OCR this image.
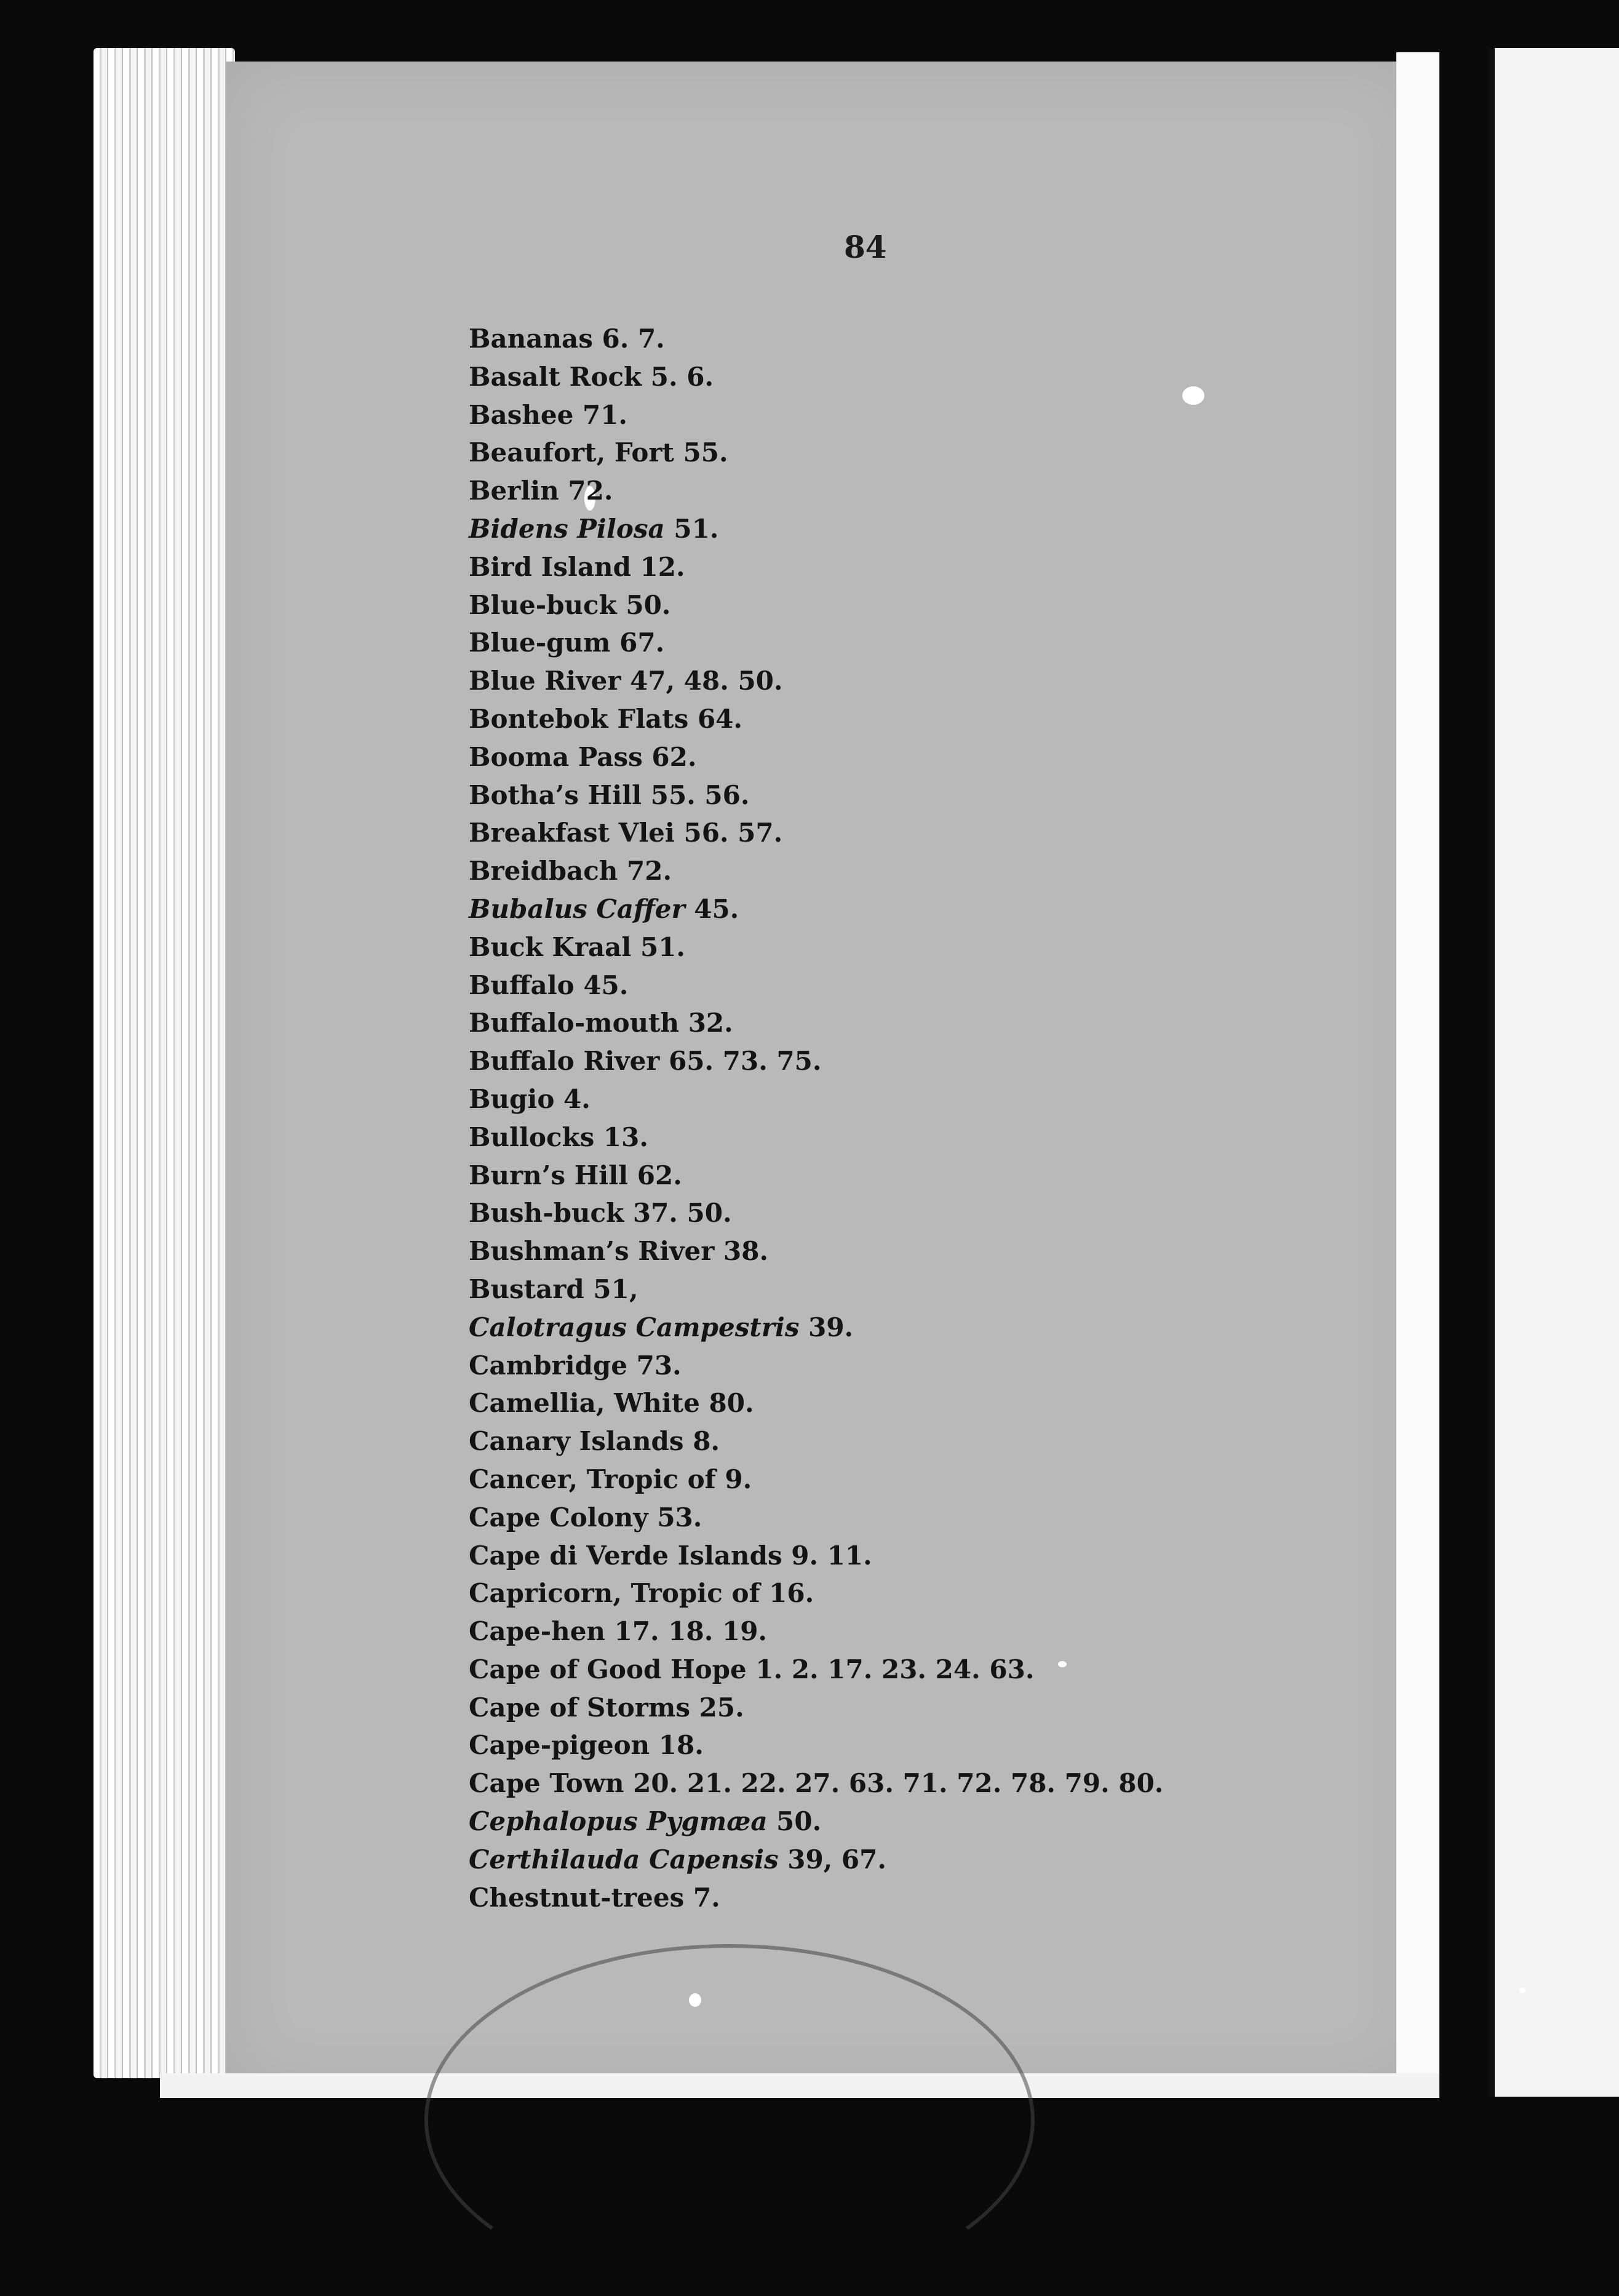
84
Bananas 6. 7.
Basalt Rock 5. 6.
Bashee 71.
Beaufort, Fort 55.
Berlin 72.
Bidens Pilosa 51.
Bird Island 12.
Blue-buck 50.
Blue-gum 67.
Blue River 47, 48. 50.
Bontebok Flats 64.
Booma Pass 62.
Botha’s Hill 55. 56.
Breakfast Vlei 56. 57.
Breidbach 72.
Bubalus Caffer 45.
Buck Kraal 51.
Buffalo 45.
Buffalo-mouth 32.
Buffalo River 65. 73. 75.
Bugio 4.
Bullocks 13.
Burn’s Hill 62.
Bush-buck 37. 50.
Bushman’s River 38.
Bustard 51,
Calotragus Campestris 39.
Cambridge 73.
Camellia, White 80.
Canary Islands 8.
Cancer, Tropic of 9.
Cape Colony 53.
Cape di Verde Islands 9. 11.
Capricorn, Tropic of 16.
Cape-hen 17. 18. 19.
Cape of Good Hope 1. 2. 17. 23. 24. 63.
Cape of Storms 25.
Cape-pigeon 18.
Cape Town 20. 21. 22. 27. 63. 71. 72. 78. 79. 80.
Cephalopus Pygmæa 50.
Certhilauda Capensis 39, 67.
Chestnut-trees 7.
